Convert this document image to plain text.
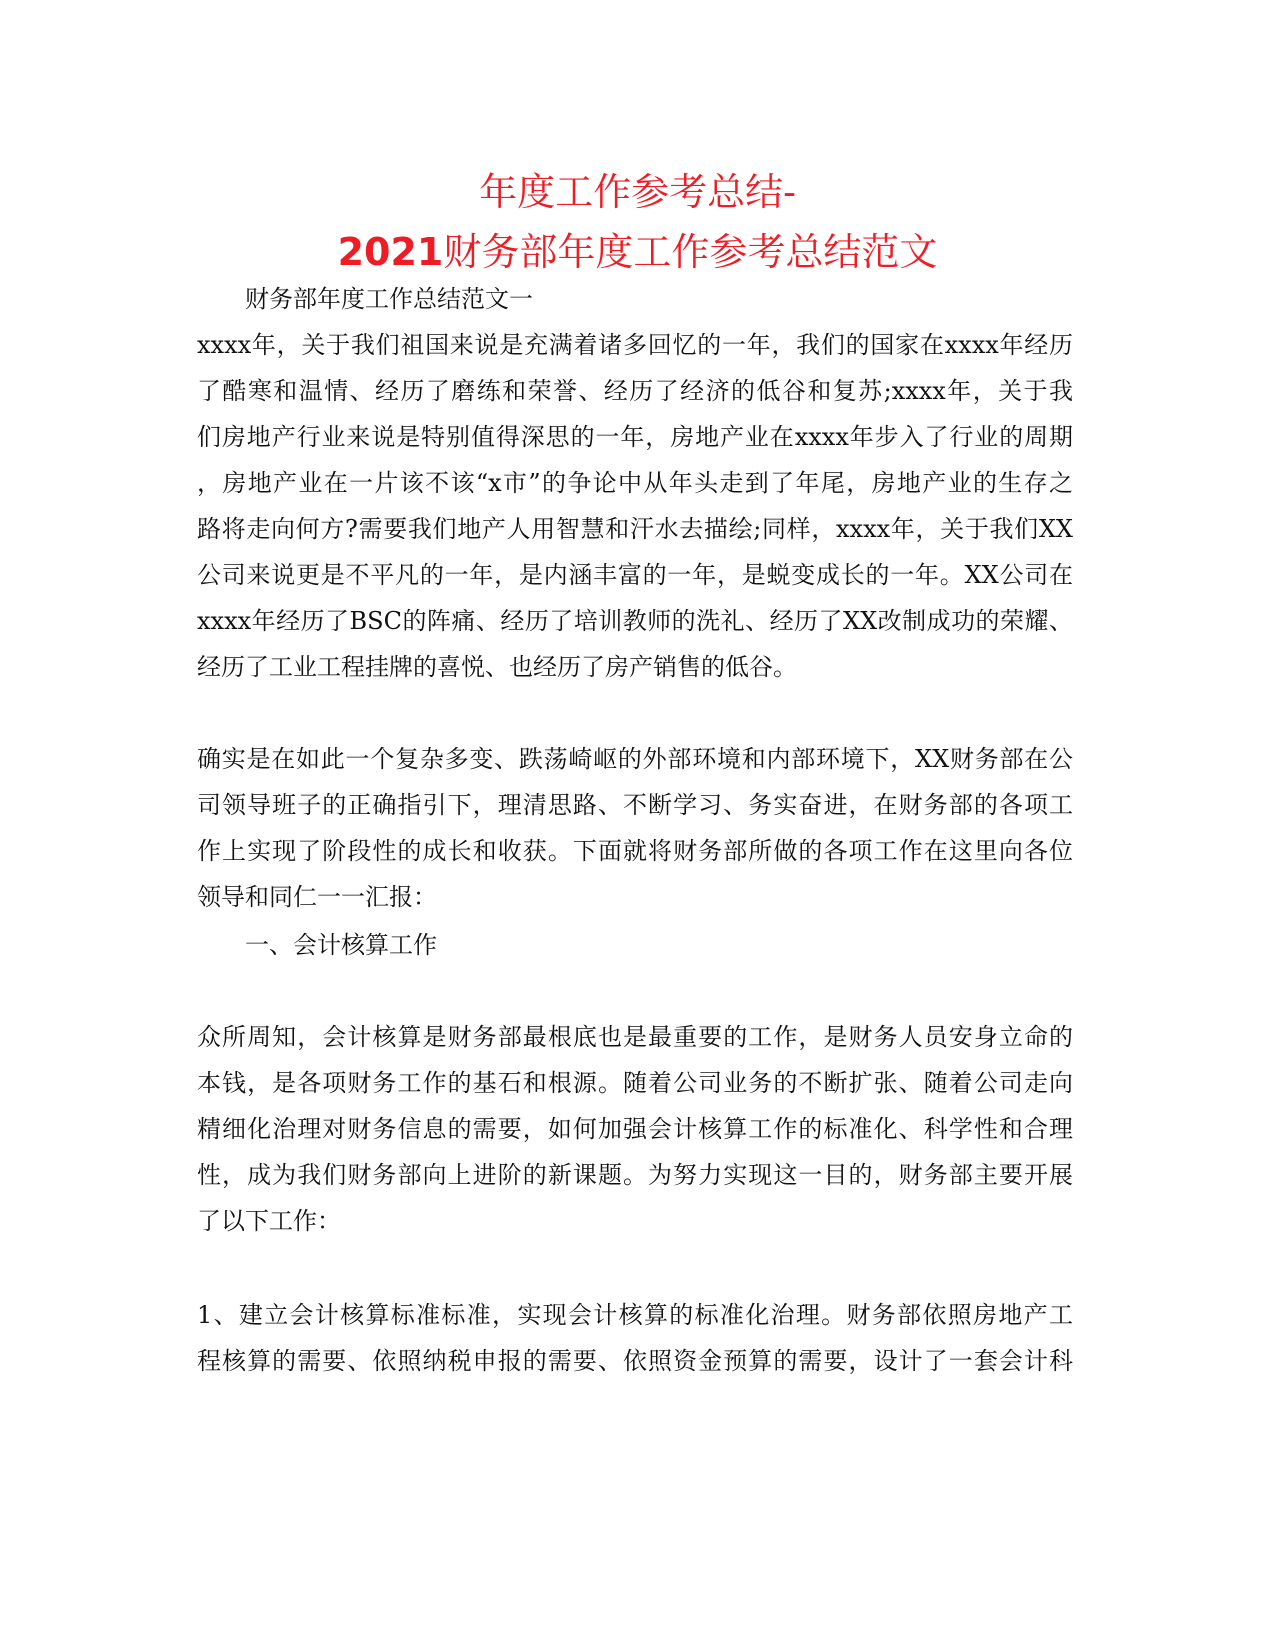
年度工作参考总结-
2021财务部年度工作参考总结范文
财务部年度工作总结范文一
xxxx年，关于我们祖国来说是充满着诸多回忆的一年，我们的国家在xxxx年经历
了酷寒和温情、经历了磨练和荣誉、经历了经济的低谷和复苏;xxxx年，关于我
们房地产行业来说是特别值得深思的一年，房地产业在xxxx年步入了行业的周期
，房地产业在一片该不该“x市”的争论中从年头走到了年尾，房地产业的生存之
路将走向何方?需要我们地产人用智慧和汗水去描绘;同样，xxxx年，关于我们XX
公司来说更是不平凡的一年，是内涵丰富的一年，是蜕变成长的一年。XX公司在
xxxx年经历了BSC的阵痛、经历了培训教师的洗礼、经历了XX改制成功的荣耀、
经历了工业工程挂牌的喜悦、也经历了房产销售的低谷。
确实是在如此一个复杂多变、跌荡崎岖的外部环境和内部环境下，XX财务部在公
司领导班子的正确指引下，理清思路、不断学习、务实奋进，在财务部的各项工
作上实现了阶段性的成长和收获。下面就将财务部所做的各项工作在这里向各位
领导和同仁一一汇报：
一、会计核算工作
众所周知，会计核算是财务部最根底也是最重要的工作，是财务人员安身立命的
本钱，是各项财务工作的基石和根源。随着公司业务的不断扩张、随着公司走向
精细化治理对财务信息的需要，如何加强会计核算工作的标准化、科学性和合理
性，成为我们财务部向上进阶的新课题。为努力实现这一目的，财务部主要开展
了以下工作：
1、建立会计核算标准标准，实现会计核算的标准化治理。财务部依照房地产工
程核算的需要、依照纳税申报的需要、依照资金预算的需要，设计了一套会计科
